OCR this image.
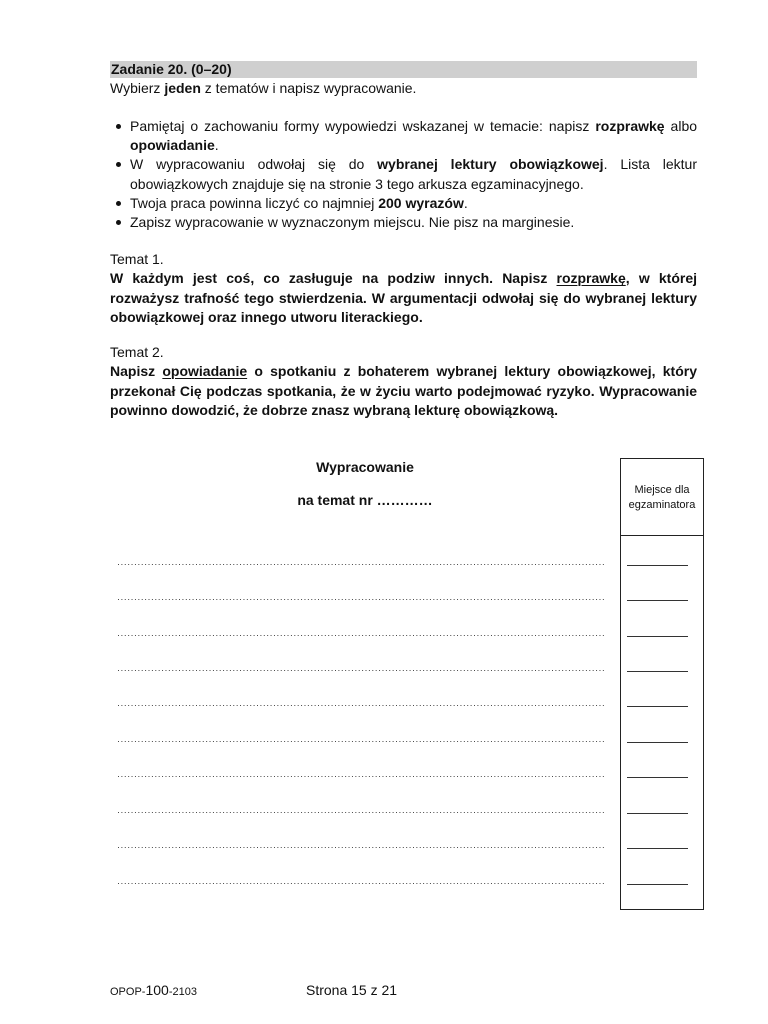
Zadanie 20. (0–20)
Wybierz jeden z tematów i napisz wypracowanie.
Pamiętaj o zachowaniu formy wypowiedzi wskazanej w temacie: napisz rozprawkę albo opowiadanie.
W wypracowaniu odwołaj się do wybranej lektury obowiązkowej. Lista lektur obowiązkowych znajduje się na stronie 3 tego arkusza egzaminacyjnego.
Twoja praca powinna liczyć co najmniej 200 wyrazów.
Zapisz wypracowanie w wyznaczonym miejscu. Nie pisz na marginesie.
Temat 1.
W każdym jest coś, co zasługuje na podziw innych. Napisz rozprawkę, w której rozważysz trafność tego stwierdzenia. W argumentacji odwołaj się do wybranej lektury obowiązkowej oraz innego utworu literackiego.
Temat 2.
Napisz opowiadanie o spotkaniu z bohaterem wybranej lektury obowiązkowej, który przekonał Cię podczas spotkania, że w życiu warto podejmować ryzyko. Wypracowanie powinno dowodzić, że dobrze znasz wybraną lekturę obowiązkową.
Wypracowanie
na temat nr …………
Miejsce dla egzaminatora
OPOP-100-2103	Strona 15 z 21
